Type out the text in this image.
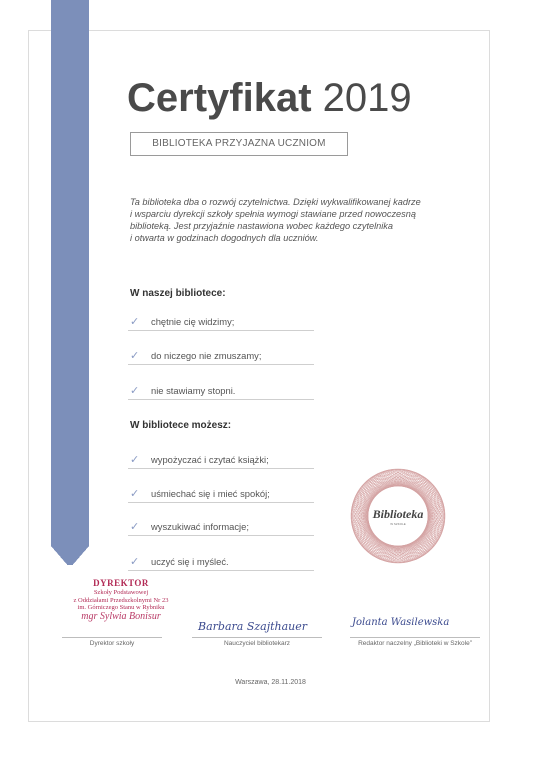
Certyfikat 2019
BIBLIOTEKA PRZYJAZNA UCZNIOM
Ta biblioteka dba o rozwój czytelnictwa. Dzięki wykwalifikowanej kadrze
i wsparciu dyrekcji szkoły spełnia wymogi stawiane przed nowoczesną
biblioteką. Jest przyjaźnie nastawiona wobec każdego czytelnika
i otwarta w godzinach dogodnych dla uczniów.
W naszej bibliotece:
✓ chętnie cię widzimy;
✓ do niczego nie zmuszamy;
✓ nie stawiamy stopni.
W bibliotece możesz:
✓ wypożyczać i czytać książki;
✓ uśmiechać się i mieć spokój;
✓ wyszukiwać informacje;
✓ uczyć się i myśleć.
Biblioteka
W SZKOLE
DYREKTOR
Szkoły Podstawowej
z Oddziałami Przedszkolnymi Nr 23
im. Górniczego Stanu w Rybniku
mgr Sylwia Bonisur
Barbara Szajthauer	Jolanta Wasilewska
Dyrektor szkoły	Nauczyciel bibliotekarz	Redaktor naczelny „Biblioteki w Szkole”
Warszawa, 28.11.2018
